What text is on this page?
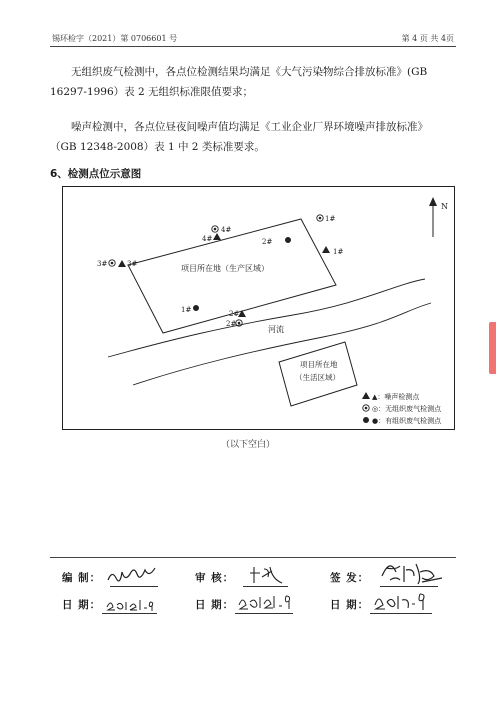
锡环检字（2021）第 0706601 号	第 4 页 共 4页

无组织废气检测中，各点位检测结果均满足《大气污染物综合排放标准》(GB 16297-1996）表 2 无组织标准限值要求；

噪声检测中，各点位昼夜间噪声值均满足《工业企业厂界环境噪声排放标准》（GB 12348-2008）表 1 中 2 类标准要求。

6、检测点位示意图
N
项目所在地（生产区域）
河流
项目所在地
（生活区域）
4#
4#	2#
1#
1#
3#	3#
1#	2#
2#
▲：噪声检测点
◎：无组织废气检测点
●：有组织废气检测点
（以下空白）
编 制：	审 核：	签 发：
日 期：	日 期：	日 期：
